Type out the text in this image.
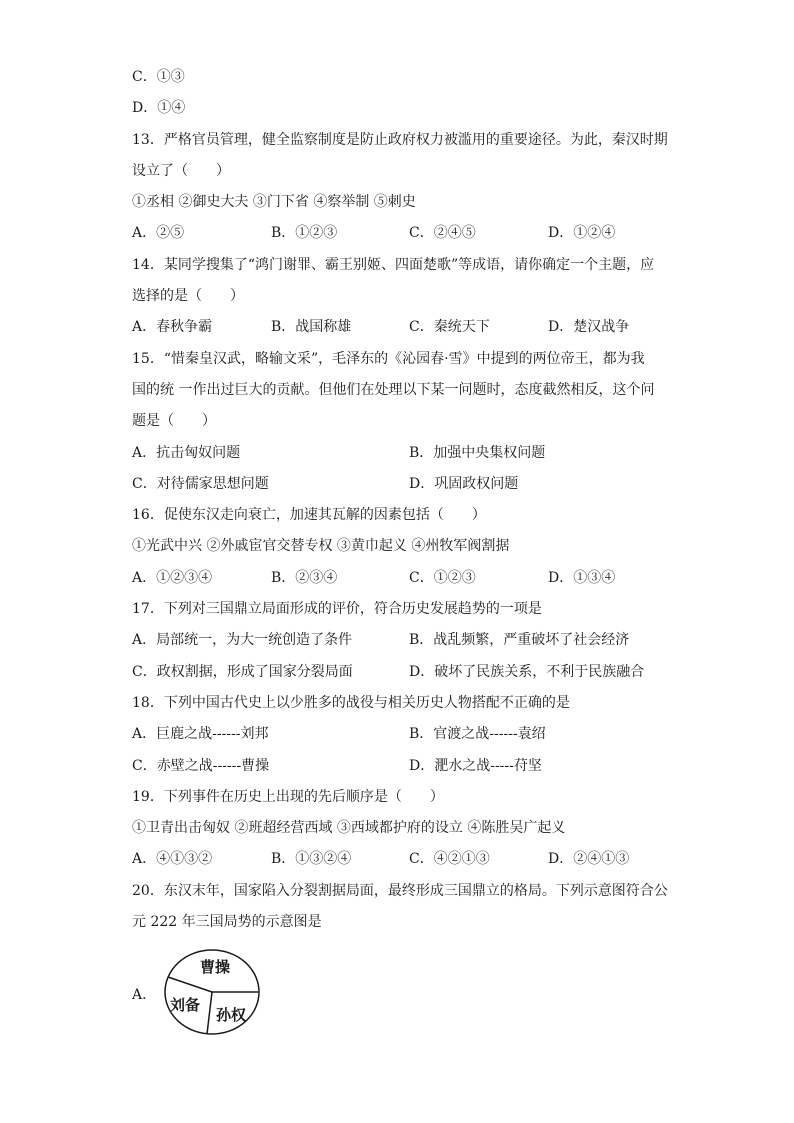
C．①③
D．①④
13．严格官员管理，健全监察制度是防止政府权力被滥用的重要途径。为此，秦汉时期
设立了（　　）
①丞相 ②御史大夫 ③门下省 ④察举制 ⑤刺史
A．②⑤	B．①②③	C．②④⑤	D．①②④
14．某同学搜集了“鸿门谢罪、霸王别姬、四面楚歌”等成语，请你确定一个主题，应
选择的是（　　）
A．春秋争霸	B．战国称雄	C．秦统天下	D．楚汉战争
15．“惜秦皇汉武，略输文采”，毛泽东的《沁园春·雪》中提到的两位帝王，都为我
国的统 一作出过巨大的贡献。但他们在处理以下某一问题时，态度截然相反，这个问
题是（　　）
A．抗击匈奴问题	B．加强中央集权问题
C．对待儒家思想问题	D．巩固政权问题
16．促使东汉走向衰亡，加速其瓦解的因素包括（　　）
①光武中兴 ②外戚宦官交替专权 ③黄巾起义 ④州牧军阀割据
A．①②③④	B．②③④	C．①②③	D．①③④
17．下列对三国鼎立局面形成的评价，符合历史发展趋势的一项是
A．局部统一，为大一统创造了条件	B．战乱频繁，严重破坏了社会经济
C．政权割据，形成了国家分裂局面	D．破坏了民族关系，不利于民族融合
18．下列中国古代史上以少胜多的战役与相关历史人物搭配不正确的是
A．巨鹿之战------刘邦	B．官渡之战------袁绍
C．赤壁之战------曹操	D．淝水之战-----苻坚
19．下列事件在历史上出现的先后顺序是（　　）
①卫青出击匈奴 ②班超经营西域 ③西域都护府的设立 ④陈胜吴广起义
A．④①③②	B．①③②④	C．④②①③	D．②④①③
20．东汉末年，国家陷入分裂割据局面，最终形成三国鼎立的格局。下列示意图符合公
元 222 年三国局势的示意图是
A．
曹操
刘备
孙权
